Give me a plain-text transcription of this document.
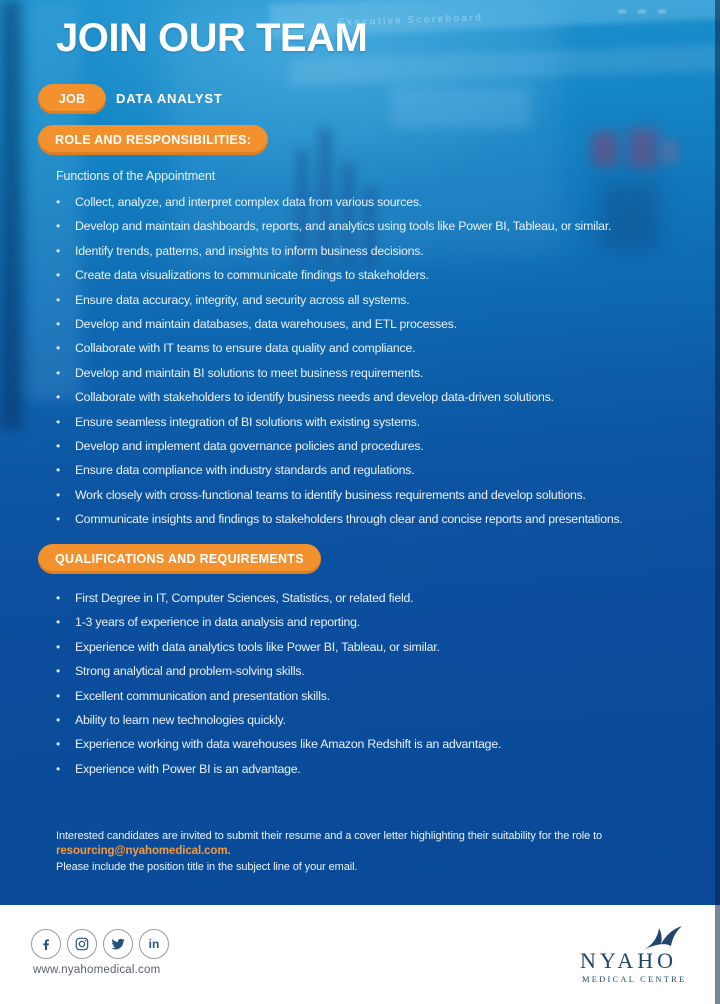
Executive Scoreboard
JOIN OUR TEAM
JOB	DATA ANALYST
ROLE AND RESPONSIBILITIES:
Functions of the Appointment
•
Collect, analyze, and interpret complex data from various sources.
•
Develop and maintain dashboards, reports, and analytics using tools like Power BI, Tableau, or similar.
•
Identify trends, patterns, and insights to inform business decisions.
•
Create data visualizations to communicate findings to stakeholders.
•
Ensure data accuracy, integrity, and security across all systems.
•
Develop and maintain databases, data warehouses, and ETL processes.
•
Collaborate with IT teams to ensure data quality and compliance.
•
Develop and maintain BI solutions to meet business requirements.
•
Collaborate with stakeholders to identify business needs and develop data-driven solutions.
•
Ensure seamless integration of BI solutions with existing systems.
•
Develop and implement data governance policies and procedures.
•
Ensure data compliance with industry standards and regulations.
•
Work closely with cross-functional teams to identify business requirements and develop solutions.
•
Communicate insights and findings to stakeholders through clear and concise reports and presentations.
QUALIFICATIONS AND REQUIREMENTS
•
First Degree in IT, Computer Sciences, Statistics, or related field.
•
1-3 years of experience in data analysis and reporting.
•
Experience with data analytics tools like Power BI, Tableau, or similar.
•
Strong analytical and problem-solving skills.
•
Excellent communication and presentation skills.
•
Ability to learn new technologies quickly.
•
Experience working with data warehouses like Amazon Redshift is an advantage.
•
Experience with Power BI is an advantage.

Interested candidates are invited to submit their resume and a cover letter highlighting their suitability for the role to

resourcing@nyahomedical.com.

Please include the position title in the subject line of your email.

in
www.nyahomedical.com	NYAHO
MEDICAL CENTRE
